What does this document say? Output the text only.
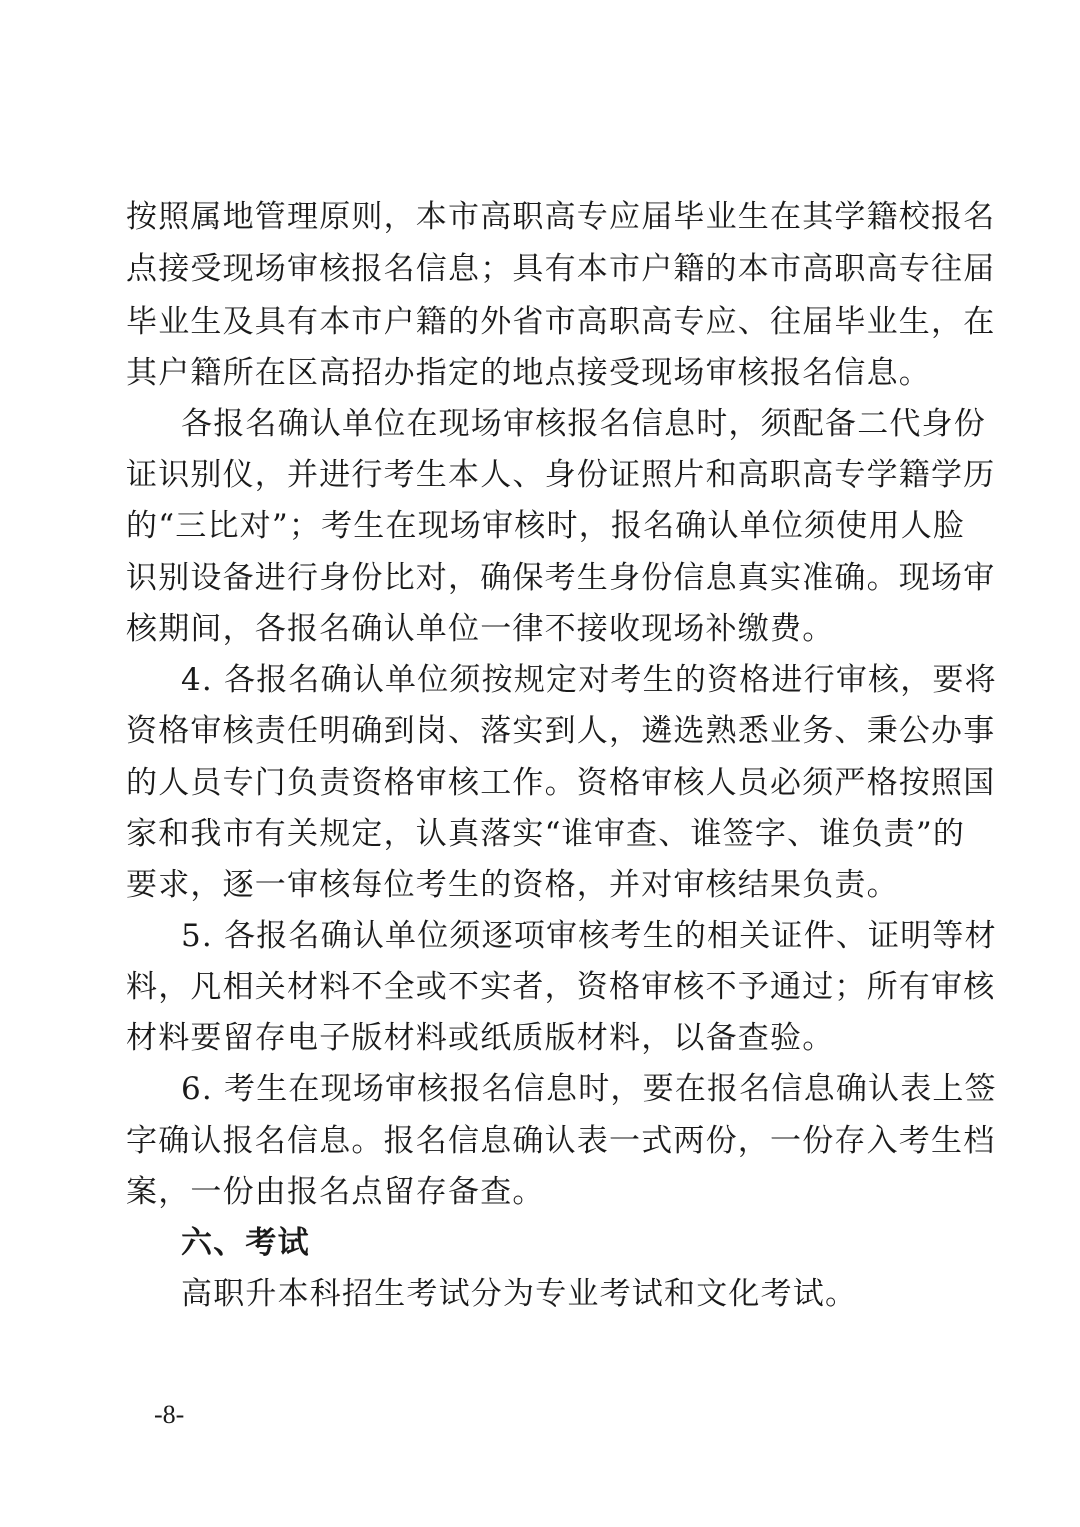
按照属地管理原则，本市高职高专应届毕业生在其学籍校报名
点接受现场审核报名信息；具有本市户籍的本市高职高专往届
毕业生及具有本市户籍的外省市高职高专应、往届毕业生，在
其户籍所在区高招办指定的地点接受现场审核报名信息。
各报名确认单位在现场审核报名信息时，须配备二代身份
证识别仪，并进行考生本人、身份证照片和高职高专学籍学历
的“三比对”；考生在现场审核时，报名确认单位须使用人脸
识别设备进行身份比对，确保考生身份信息真实准确。现场审
核期间，各报名确认单位一律不接收现场补缴费。
4. 各报名确认单位须按规定对考生的资格进行审核，要将
资格审核责任明确到岗、落实到人，遴选熟悉业务、秉公办事
的人员专门负责资格审核工作。资格审核人员必须严格按照国
家和我市有关规定，认真落实“谁审查、谁签字、谁负责”的
要求，逐一审核每位考生的资格，并对审核结果负责。
5. 各报名确认单位须逐项审核考生的相关证件、证明等材
料，凡相关材料不全或不实者，资格审核不予通过；所有审核
材料要留存电子版材料或纸质版材料，以备查验。
6. 考生在现场审核报名信息时，要在报名信息确认表上签
字确认报名信息。报名信息确认表一式两份，一份存入考生档
案，一份由报名点留存备查。
六、考试
高职升本科招生考试分为专业考试和文化考试。
-8-
